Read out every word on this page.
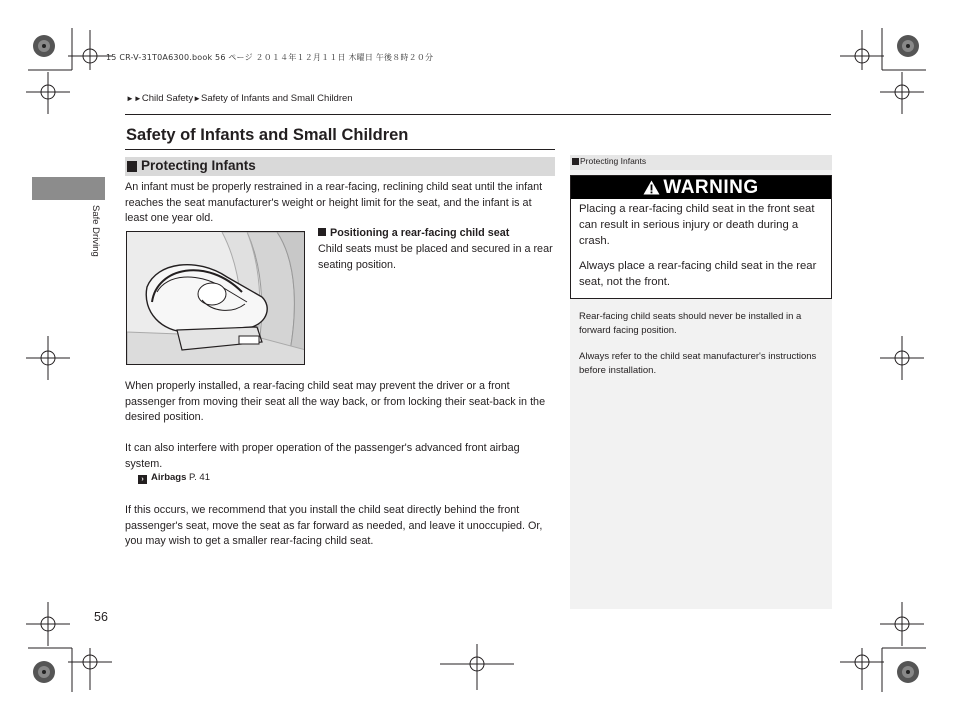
15 CR-V-31T0A6300.book 56 ページ ２０１４年１２月１１日 木曜日 午後８時２０分
►►Child Safety►Safety of Infants and Small Children
Safety of Infants and Small Children
Protecting Infants
Safe Driving
An infant must be properly restrained in a rear-facing, reclining child seat until the infant reaches the seat manufacturer's weight or height limit for the seat, and the infant is at least one year old.
Positioning a rear-facing child seat
Child seats must be placed and secured in a rear seating position.
When properly installed, a rear-facing child seat may prevent the driver or a front passenger from moving their seat all the way back, or from locking their seat-back in the desired position.
It can also interfere with proper operation of the passenger's advanced front airbag system.
› Airbags P. 41
If this occurs, we recommend that you install the child seat directly behind the front passenger's seat, move the seat as far forward as needed, and leave it unoccupied. Or, you may wish to get a smaller rear-facing child seat.
Protecting Infants
WARNING
Placing a rear-facing child seat in the front seat can result in serious injury or death during a crash.
Always place a rear-facing child seat in the rear seat, not the front.
Rear-facing child seats should never be installed in a forward facing position.
Always refer to the child seat manufacturer's instructions before installation.
56
